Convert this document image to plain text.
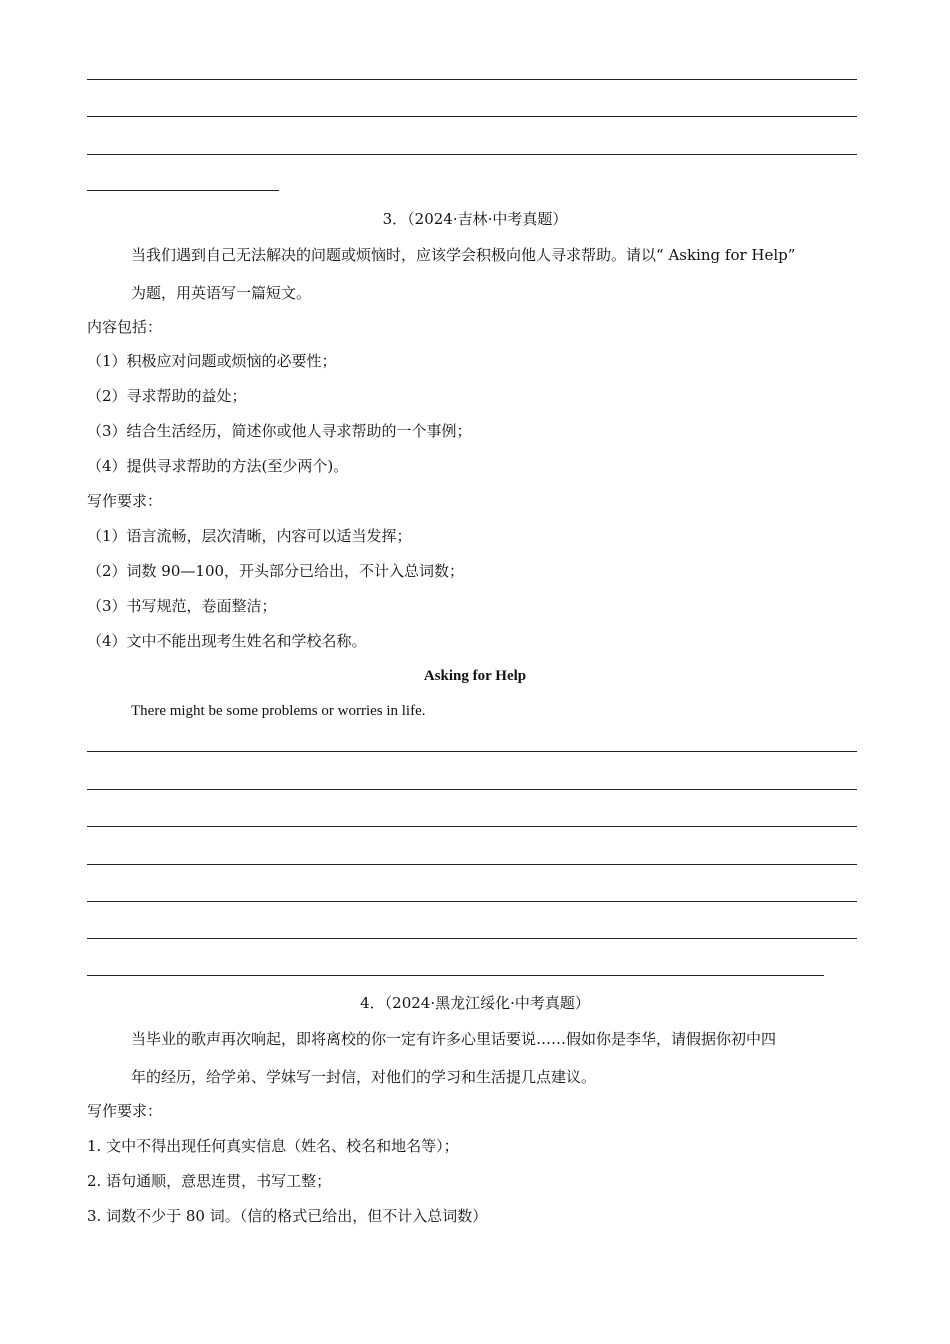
3．（2024·吉林·中考真题）
当我们遇到自己无法解决的问题或烦恼时，应该学会积极向他人寻求帮助。请以“ Asking for Help”
为题，用英语写一篇短文。
内容包括：
（1）积极应对问题或烦恼的必要性；
（2）寻求帮助的益处；
（3）结合生活经历，简述你或他人寻求帮助的一个事例；
（4）提供寻求帮助的方法(至少两个)。
写作要求：
（1）语言流畅，层次清晰，内容可以适当发挥；
（2）词数 90—100，开头部分已给出，不计入总词数；
（3）书写规范，卷面整洁；
（4）文中不能出现考生姓名和学校名称。
Asking for Help
There might be some problems or worries in life.
4．（2024·黑龙江绥化·中考真题）
当毕业的歌声再次响起，即将离校的你一定有许多心里话要说……假如你是李华，请假据你初中四
年的经历，给学弟、学妹写一封信，对他们的学习和生活提几点建议。
写作要求：
1. 文中不得出现任何真实信息（姓名、校名和地名等）；
2. 语句通顺，意思连贯，书写工整；
3. 词数不少于 80 词。（信的格式已给出，但不计入总词数）
